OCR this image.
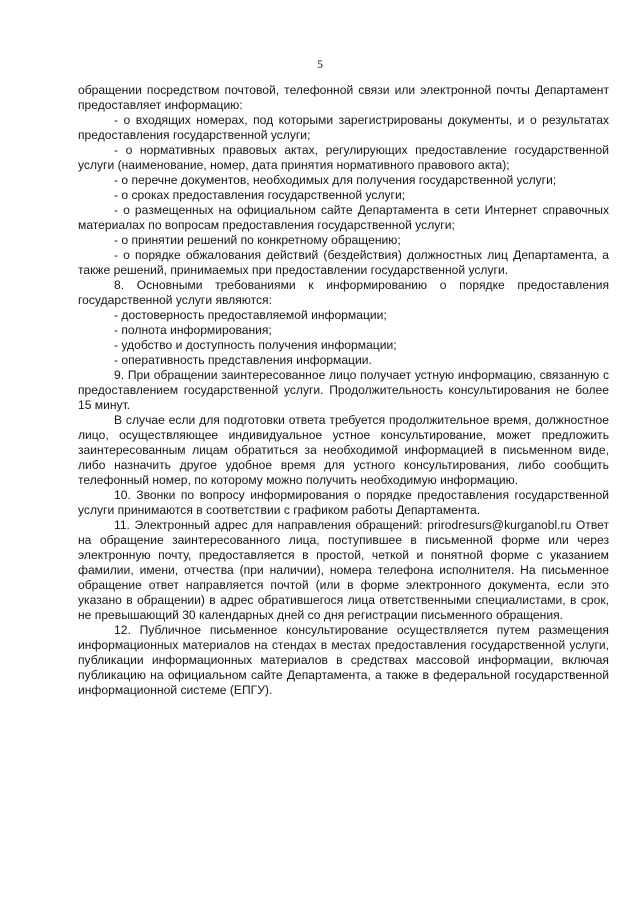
5

обращении посредством почтовой, телефонной связи или электронной почты Департамент предоставляет информацию:

- о входящих номерах, под которыми зарегистрированы документы, и о результатах предоставления государственной услуги;

- о нормативных правовых актах, регулирующих предоставление государственной услуги (наименование, номер, дата принятия нормативного правового акта);

- о перечне документов, необходимых для получения государственной услуги;

- о сроках предоставления государственной услуги;

- о размещенных на официальном сайте Департамента в сети Интернет справочных материалах по вопросам предоставления государственной услуги;

- о принятии решений по конкретному обращению;

- о порядке обжалования действий (бездействия) должностных лиц Департамента, а также решений, принимаемых при предоставлении государственной услуги.

8. Основными требованиями к информированию о порядке предоставления государственной услуги являются:

- достоверность предоставляемой информации;

- полнота информирования;

- удобство и доступность получения информации;

- оперативность представления информации.

9. При обращении заинтересованное лицо получает устную информацию, связанную с предоставлением государственной услуги. Продолжительность консультирования не более 15 минут.

В случае если для подготовки ответа требуется продолжительное время, должностное лицо, осуществляющее индивидуальное устное консультирование, может предложить заинтересованным лицам обратиться за необходимой информацией в письменном виде, либо назначить другое удобное время для устного консультирования, либо сообщить телефонный номер, по которому можно получить необходимую информацию.

10. Звонки по вопросу информирования о порядке предоставления государственной услуги принимаются в соответствии с графиком работы Департамента.

11. Электронный адрес для направления обращений: prirodresurs@kurganobl.ru Ответ на обращение заинтересованного лица, поступившее в письменной форме или через электронную почту, предоставляется в простой, четкой и понятной форме с указанием фамилии, имени, отчества (при наличии), номера телефона исполнителя. На письменное обращение ответ направляется почтой (или в форме электронного документа, если это указано в обращении) в адрес обратившегося лица ответственными специалистами, в срок, не превышающий 30 календарных дней со дня регистрации письменного обращения.

12. Публичное письменное консультирование осуществляется путем размещения информационных материалов на стендах в местах предоставления государственной услуги, публикации информационных материалов в средствах массовой информации, включая публикацию на официальном сайте Департамента, а также в федеральной государственной информационной системе (ЕПГУ).
